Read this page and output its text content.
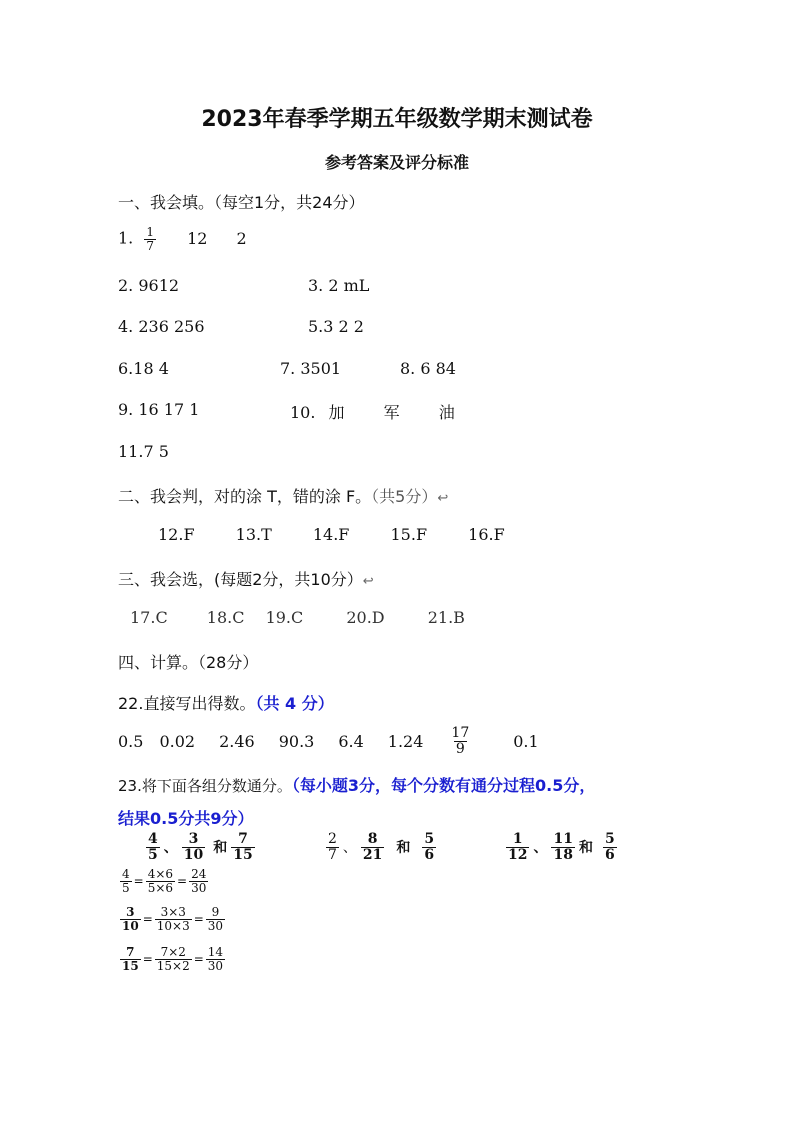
2023年春季学期五年级数学期末测试卷
参考答案及评分标准
一、我会填。（每空1分，共24分）
1. $\frac{1}{7} 12$ 2
2. 9612	3. 2 mL
4. 236 256	5.3 2 2
6.18 4	7. 3501	8. 6 84
9. 16 17 1	10. 加 军 油
11.7 5
二、我会判，对的涂 T，错的涂 F。（共5分）↩
12.F	13.T	14.F	15.F	16.F
三、我会选，(每题2分，共10分）↩
17.C 18.C 19.C	20.D	21.B
四、计算。（28分）
22.直接写出得数。（共 4 分）
0.5 0.02 2.46 90.3 6.4 $1.24 \frac{17}{9}$	0.1
23.将下面各组分数通分。（每小题3分，每个分数有通分过程0.5分，
结果0.5分共9分）
$\frac{4}{5}$ 、 $\frac{3}{10}$ 和 $\frac{7}{15}$	$\frac{2}{7}$ 、 $\frac{8}{21}$ 和 $\frac{5}{6}$	$\frac{1}{12}$ 、 $\frac{11}{18}$ 和 $\frac{5}{6}$
$\frac{4}{5} = \frac{4\times 6}{5\times 6} = \frac{24}{30}$
$\frac{3}{10} = \frac{3\times 3}{10\times 3} = \frac{9}{30}$
$\frac{7}{15} = \frac{7\times 2}{15\times 2} = \frac{14}{30}$
